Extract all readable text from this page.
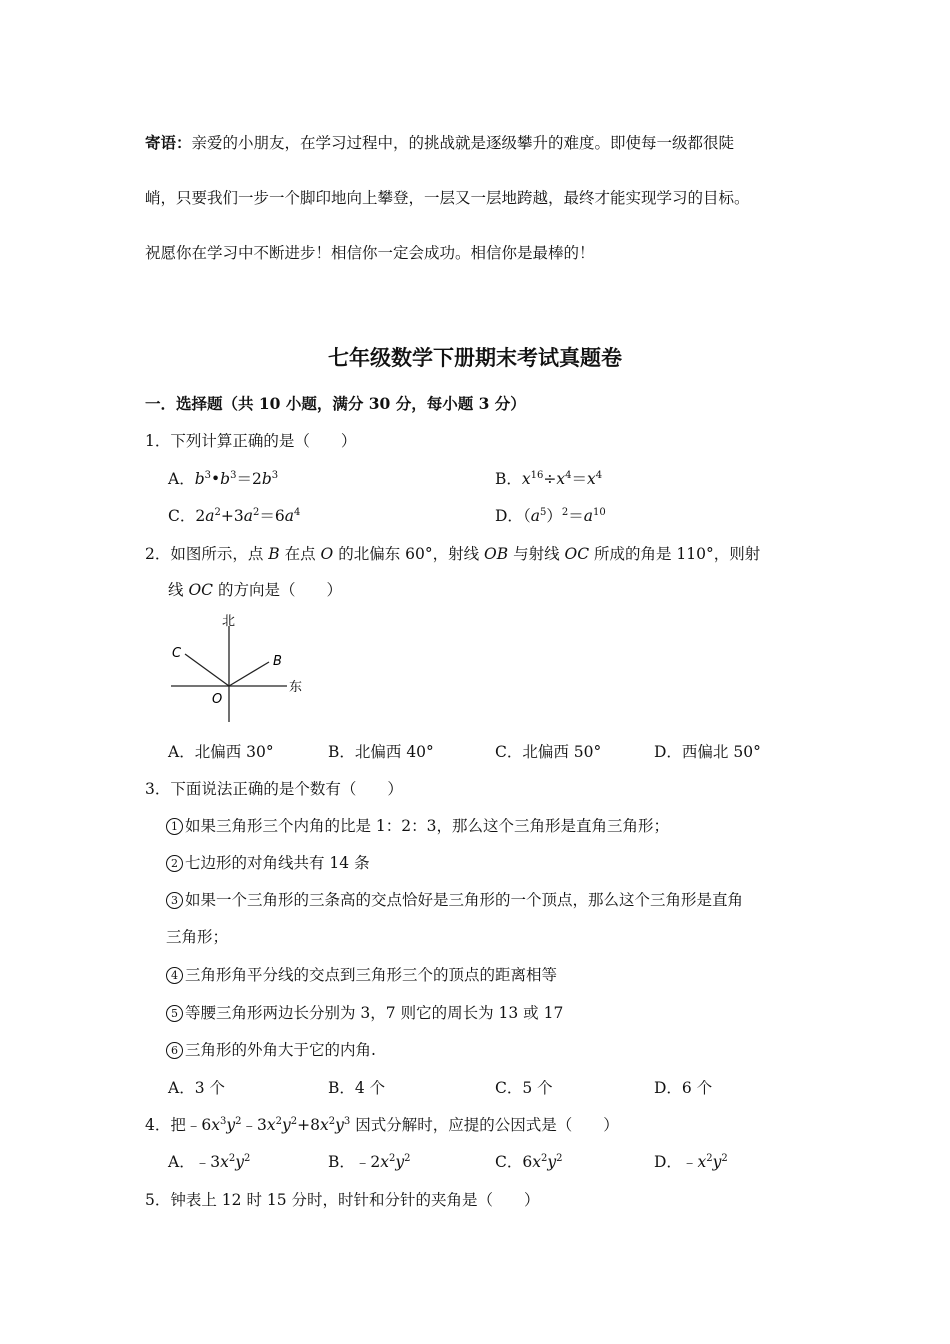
寄语：亲爱的小朋友，在学习过程中，的挑战就是逐级攀升的难度。即使每一级都很陡
峭，只要我们一步一个脚印地向上攀登，一层又一层地跨越，最终才能实现学习的目标。
祝愿你在学习中不断进步！相信你一定会成功。相信你是最棒的！
七年级数学下册期末考试真题卷
一．选择题（共 10 小题，满分 30 分，每小题 3 分）
1．下列计算正确的是（　　）
A．$b^3•b^3=2b^3$	B．$x^{16}\div x^4=x^4$
C．$2a^2+3a^2=6a^4$	D．$(a^5)^2=a^{10}$
2．如图所示，点 B 在点 O 的北偏东 60°，射线 OB 与射线 OC 所成的角是 110°，则射
线 OC 的方向是（　　）
北
东
C
B
O
A．北偏西 30°	B．北偏西 40°	C．北偏西 50°	D．西偏北 50°
3．下面说法正确的是个数有（　　）
1 如果三角形三个内角的比是 1：2：3，那么这个三角形是直角三角形；
2 七边形的对角线共有 14 条
3 如果一个三角形的三条高的交点恰好是三角形的一个顶点，那么这个三角形是直角
三角形；
4 三角形角平分线的交点到三角形三个的顶点的距离相等
5 等腰三角形两边长分别为 3，7 则它的周长为 13 或 17
6 三角形的外角大于它的内角.
A．3 个	B．4 个	C．5 个	D．6 个
4．把$﹣6x^3y^2﹣3x^2y^2+8x^2y^3$ 因式分解时，应提的公因式是（　　）
A．$﹣3x^2y^2$	B．$﹣2x^2y^2$	C．$6x^2y^2$	D．$﹣x^2y^2$
5．钟表上 12 时 15 分时，时针和分针的夹角是（　　）
